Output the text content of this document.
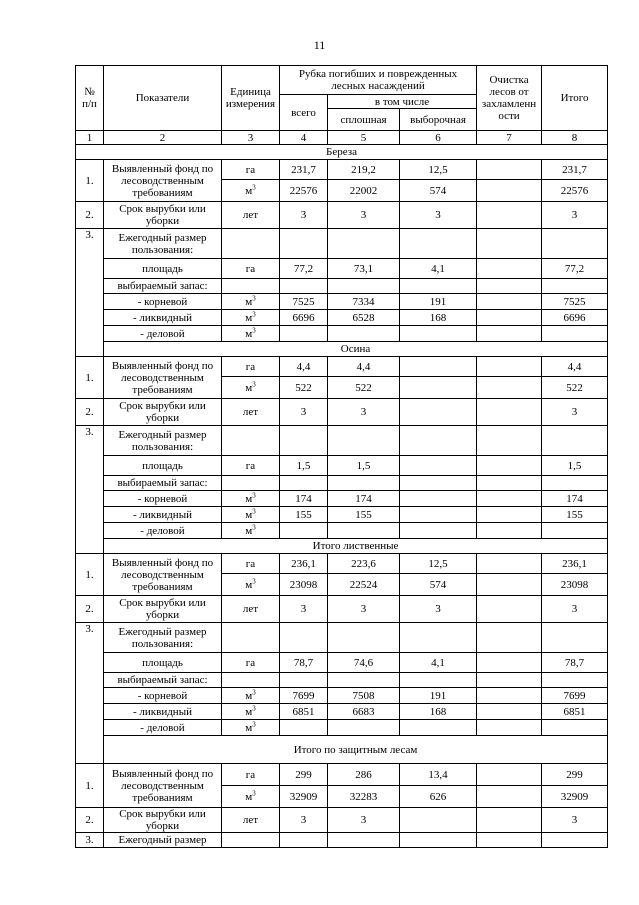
11
№
п/п	Показатели	Единица измерения	Рубка погибших и поврежденных лесных насаждений			Очистка лесов от захламленн ости	Итого
			всего	в том числе			
				сплошная	выборочная		
1	2	3	4	5	6	7	8
Береза							
1.	Выявленный фонд по лесоводственным требованиям	га	231,7	219,2	12,5		231,7
		$м^3$	22576	22002	574		22576
2.	Срок вырубки или уборки	лет	3	3	3		3
3.	Ежегодный размер пользования:						
	площадь	га	77,2	73,1	4,1		77,2
	выбираемый запас:						
	- корневой	$м^3$	7525	7334	191		7525
	- ликвидный	$м^3$	6696	6528	168		6696
	- деловой	$м^3$					
	Осина						
1.	Выявленный фонд по лесоводственным требованиям	га	4,4	4,4			4,4
		$м^3$	522	522			522
2.	Срок вырубки или уборки	лет	3	3			3
3.	Ежегодный размер пользования:						
	площадь	га	1,5	1,5			1,5
	выбираемый запас:						
	- корневой	$м^3$	174	174			174
	- ликвидный	$м^3$	155	155			155
	- деловой	$м^3$					
	Итого лиственные						
1.	Выявленный фонд по лесоводственным требованиям	га	236,1	223,6	12,5		236,1
		$м^3$	23098	22524	574		23098
2.	Срок вырубки или уборки	лет	3	3	3		3
3.	Ежегодный размер пользования:						
	площадь	га	78,7	74,6	4,1		78,7
	выбираемый запас:						
	- корневой	$м^3$	7699	7508	191		7699
	- ликвидный	$м^3$	6851	6683	168		6851
	- деловой	$м^3$					
	Итого по защитным лесам						
1.	Выявленный фонд по лесоводственным требованиям	га	299	286	13,4		299
		$м^3$	32909	32283	626		32909
2.	Срок вырубки или уборки	лет	3	3			3
3.	Ежегодный размер						
